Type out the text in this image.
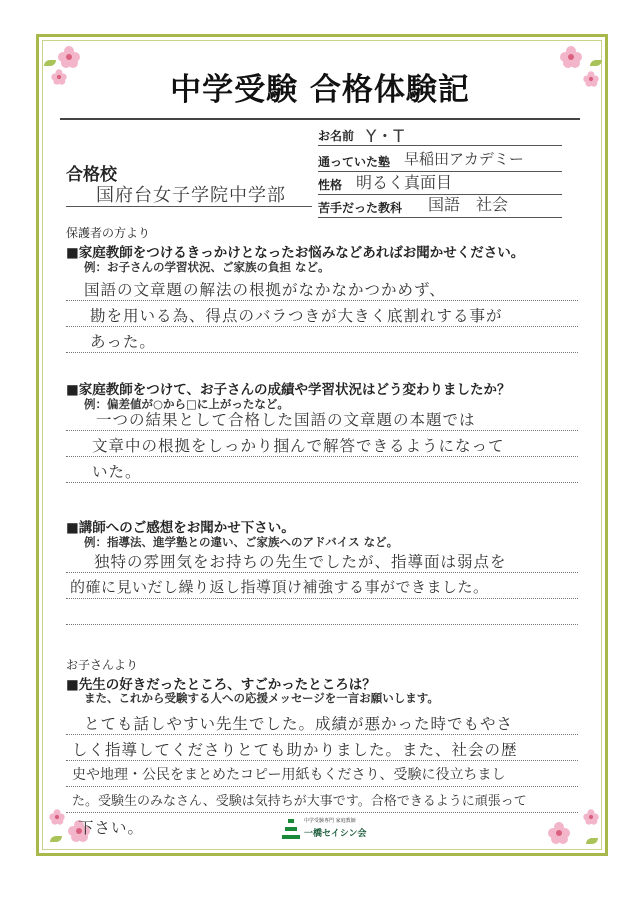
中学受験 合格体験記
お名前 Y・T
通っていた塾 早稲田アカデミー
性格 明るく真面目
苦手だった教科 国語　社会
合格校
国府台女子学院中学部
保護者の方より
■家庭教師をつけるきっかけとなったお悩みなどあればお聞かせください。
例：お子さんの学習状況、ご家族の負担 など。
国語の文章題の解法の根拠がなかなかつかめず、
勘を用いる為、得点のバラつきが大きく底割れする事が
あった。
■家庭教師をつけて、お子さんの成績や学習状況はどう変わりましたか？
例：偏差値が○から□に上がったなど。
一つの結果として合格した国語の文章題の本題では
文章中の根拠をしっかり掴んで解答できるようになって
いた。
■講師へのご感想をお聞かせ下さい。
例：指導法、進学塾との違い、ご家族へのアドバイス など。
独特の雰囲気をお持ちの先生でしたが、指導面は弱点を
的確に見いだし繰り返し指導頂け補強する事ができました。
お子さんより
■先生の好きだったところ、すごかったところは？
また、これから受験する人への応援メッセージを一言お願いします。
とても話しやすい先生でした。成績が悪かった時でもやさ
しく指導してくださりとても助かりました。また、社会の歴
史や地理・公民をまとめたコピー用紙もくださり、受験に役立ちまし
た。受験生のみなさん、受験は気持ちが大事です。合格できるように頑張って
下さい。	中学受験専門 家庭教師
一橋セイシン会
